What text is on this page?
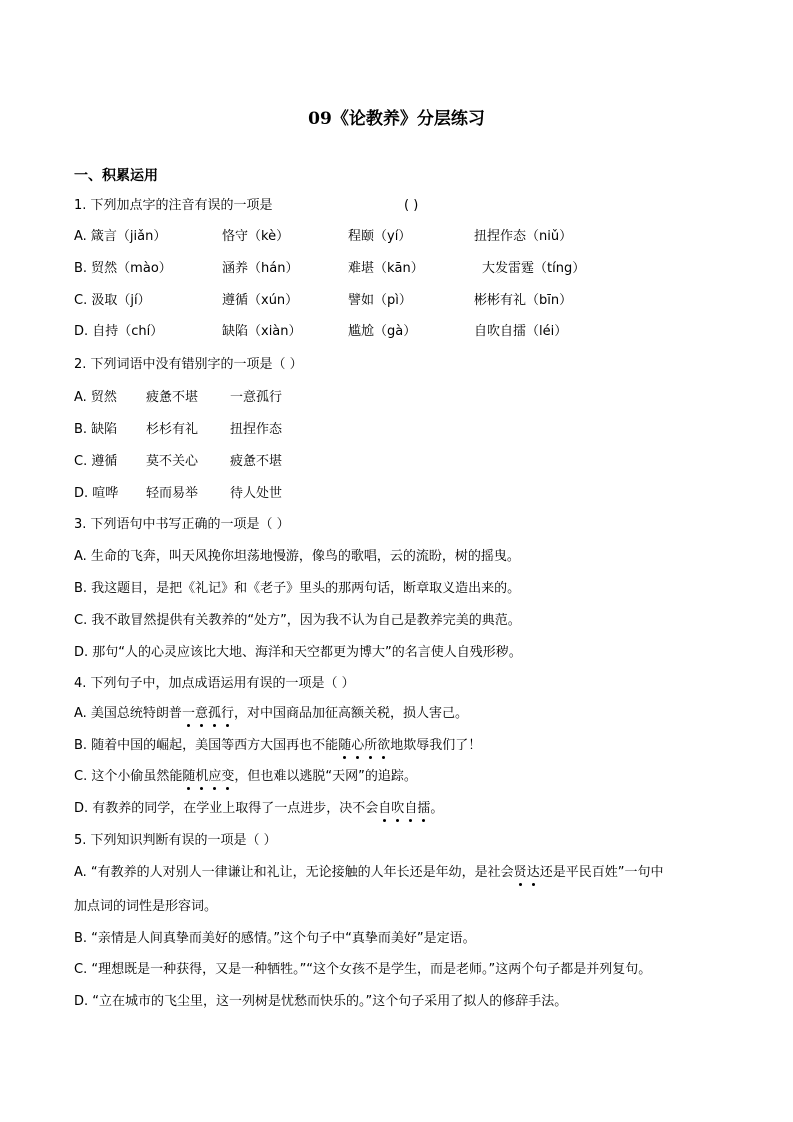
09《论教养》分层练习
一、积累运用
1. 下列加点字的注音有误的一项是	( )
A. 箴言（jiǎn）	恪守（kè）	程颐（yí）	扭捏作态（niǔ）
B. 贸然（mào）	涵养（hán）	难堪（kān）	大发雷霆（tíng）
C. 汲取（jí）	遵循（xún）	譬如（pì）	彬彬有礼（bīn）
D. 自持（chí）	缺陷（xiàn）	尴尬（gà）	自吹自擂（léi）
2. 下列词语中没有错别字的一项是（ ）
A. 贸然 疲惫不堪 一意孤行
B. 缺陷 杉杉有礼 扭捏作态
C. 遵循 莫不关心 疲惫不堪
D. 喧哗 轻而易举 待人处世
3. 下列语句中书写正确的一项是（ ）
A. 生命的飞奔，叫天风挽你坦荡地慢游，像鸟的歌唱，云的流盼，树的摇曳。
B. 我这题目，是把《礼记》和《老子》里头的那两句话，断章取义造出来的。
C. 我不敢冒然提供有关教养的“处方”，因为我不认为自己是教养完美的典范。
D. 那句“人的心灵应该比大地、海洋和天空都更为博大”的名言使人自残形秽。
4. 下列句子中，加点成语运用有误的一项是（ ）
A. 美国总统特朗普一意孤行，对中国商品加征高额关税，损人害己。
B. 随着中国的崛起，美国等西方大国再也不能随心所欲地欺辱我们了！
C. 这个小偷虽然能随机应变，但也难以逃脱“天网”的追踪。
D. 有教养的同学，在学业上取得了一点进步，决不会自吹自擂。
5. 下列知识判断有误的一项是（ ）
A. “有教养的人对别人一律谦让和礼让，无论接触的人年长还是年幼，是社会贤达还是平民百姓”一句中
加点词的词性是形容词。
B. “亲情是人间真挚而美好的感情。”这个句子中“真挚而美好”是定语。
C. “理想既是一种获得，又是一种牺牲。”“这个女孩不是学生，而是老师。”这两个句子都是并列复句。
D. “立在城市的飞尘里，这一列树是忧愁而快乐的。”这个句子采用了拟人的修辞手法。
